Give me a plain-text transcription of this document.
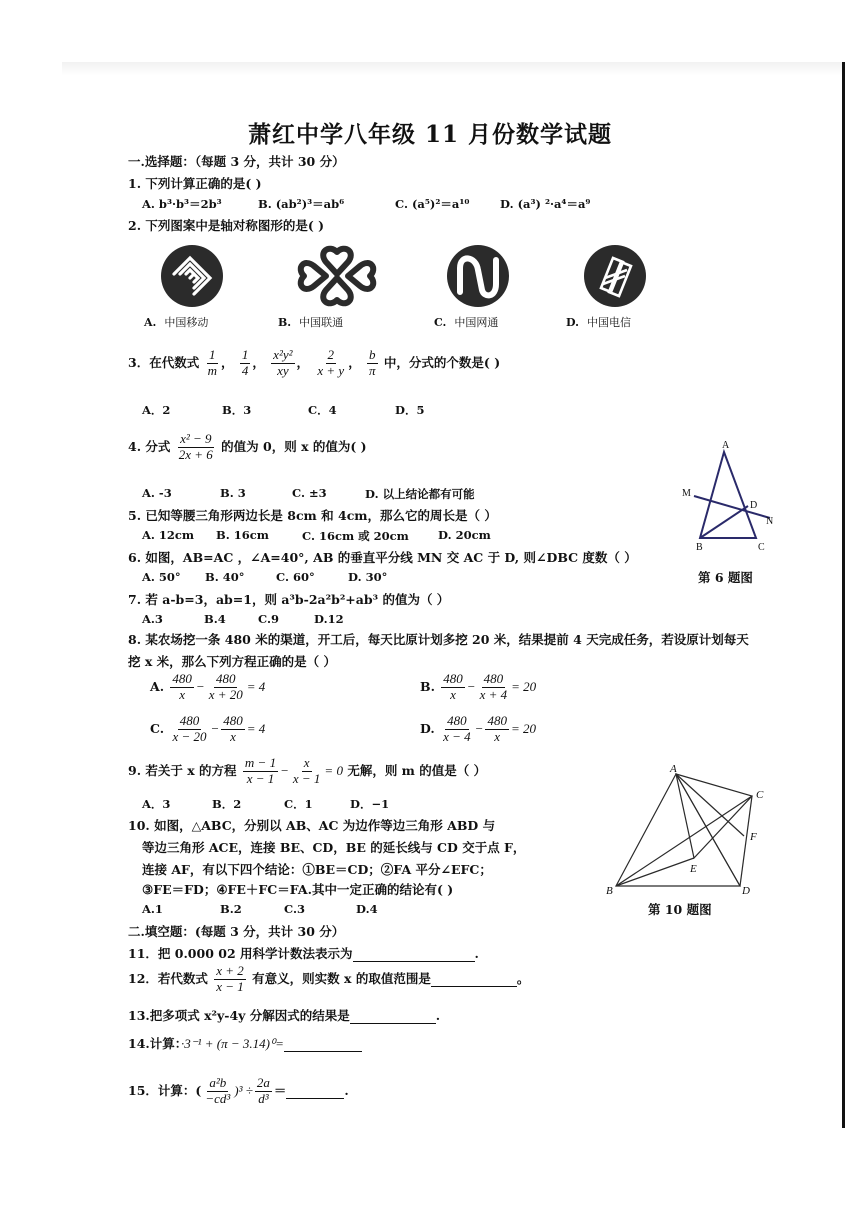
萧红中学八年级 11 月份数学试题
一.选择题：（每题 3 分，共计 30 分）
1. 下列计算正确的是( )
A. b³·b³＝2b³	B. (ab²)³＝ab⁶	C. (a⁵)²＝a¹⁰	D. (a³) ²·a⁴＝a⁹
2. 下列图案中是轴对称图形的是( )
A. 中国移动	B. 中国联通	C. 中国网通	D. 中国电信
3．在代数式 $\frac{1}{m}$ ， $\frac{1}{4}$ ， $\frac{\text{x²y²}}{xy}$ ， $\frac{2}{x + y}$ ， $\frac{b}{\pi}$ 中，分式的个数是( )
A．2	B．3	C．4	D．5
4. 分式 $\frac{\text{x² − 9}}{2x + 6}$ 的值为 0，则 x 的值为( )
A. -3	B. 3	C. ±3	D. 以上结论都有可能
A
M
D
N
B	C
第 6 题图
5. 已知等腰三角形两边长是 8cm 和 4cm，那么它的周长是（ ）
A. 12cm B. 16cm	C. 16cm 或 20cm	D. 20cm
6. 如图，AB=AC ，∠A=40°, AB 的垂直平分线 MN 交 AC 于 D, 则∠DBC 度数（ ）
A. 50° B. 40°	C. 60°	D. 30°
7. 若 a-b=3，ab=1，则 a³b-2a²b²+ab³ 的值为（ ）
A.3	B.4	C.9	D.12
8. 某农场挖一条 480 米的渠道，开工后，每天比原计划多挖 20 米，结果提前 4 天完成任务，若设原计划每天
挖 x 米，那么下列方程正确的是（ ）
A. $\frac{480}{x} - \frac{480}{x + 20} = 4$	B. $\frac{480}{x} - \frac{480}{x + 4} = 20$
C. $\frac{480}{x - 20} - \frac{480}{x} = 4$	D. $\frac{480}{x - 4} - \frac{480}{x} = 20$
9. 若关于 x 的方程 $\frac{m - 1}{x - 1} - \frac{x}{x - 1} = 0$ 无解，则 m 的值是（ ）
A．3	B．2	C．1	D．−1
A
C
F
E
B	D
第 10 题图
10. 如图，△ABC，分别以 AB、AC 为边作等边三角形 ABD 与
等边三角形 ACE，连接 BE、CD，BE 的延长线与 CD 交于点 F，
连接 AF，有以下四个结论：①BE＝CD；②FA 平分∠EFC；
③FE＝FD；④FE＋FC＝FA.其中一定正确的结论有( )
A.1	B.2	C.3	D.4
二.填空题：(每题 3 分，共计 30 分）
11．把 0.000 02 用科学计数法表示为	.
12．若代数式 $\frac{x + 2}{x - 1}$ 有意义，则实数 x 的取值范围是	。
13.把多项式 x²y-4y 分解因式的结果是	.
14.计算：·3⁻¹ + (π − 3.14)⁰=
15．计算：( $\frac{\text{a²b}}{\text{−cd³}} )^3 \div \frac{2a}{\text{d³}}$ ＝	.
